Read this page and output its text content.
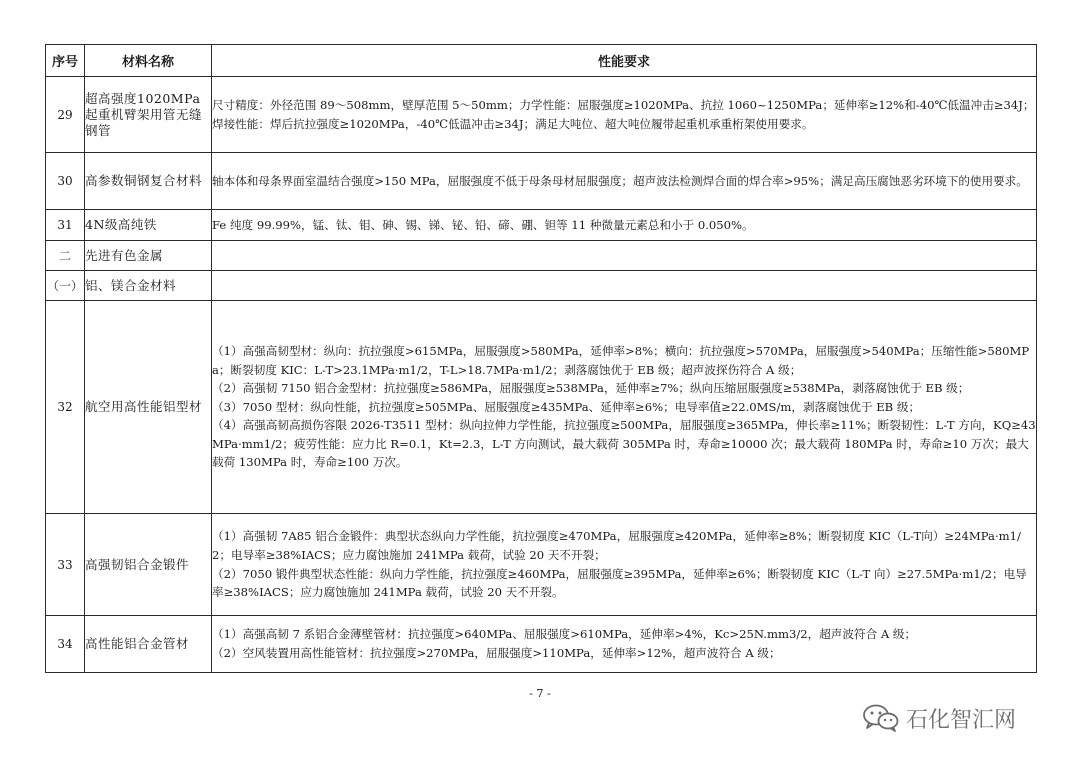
序号	材料名称	性能要求
29	超高强度1020MPa起重机臂架用管无缝钢管	尺寸精度：外径范围 89～508mm，壁厚范围 5～50mm；力学性能：屈服强度≥1020MPa、抗拉 1060~1250MPa；延伸率≥12%和-40℃低温冲击≥34J；焊接性能：焊后抗拉强度≥1020MPa，-40℃低温冲击≥34J；满足大吨位、超大吨位履带起重机承重桁架使用要求。

30	高参数铜钢复合材料	轴本体和母条界面室温结合强度>150 MPa，屈服强度不低于母条母材屈服强度；超声波法检测焊合面的焊合率>95%；满足高压腐蚀恶劣环境下的使用要求。

31	4N级高纯铁	Fe 纯度 99.99%，锰、钛、钼、砷、锡、锑、铋、铅、碲、硼、钽等 11 种微量元素总和小于 0.050%。

二	先进有色金属	
（一）	铝、镁合金材料	
32	航空用高性能铝型材	（1）高强高韧型材：纵向：抗拉强度>615MPa，屈服强度>580MPa，延伸率>8%；横向：抗拉强度>570MPa，屈服强度>540MPa；压缩性能>580MPa；断裂韧度 KIC：L-T>23.1MPa·m1/2，T-L>18.7MPa·m1/2；剥落腐蚀优于 EB 级；超声波探伤符合 A 级；

（2）高强韧 7150 铝合金型材：抗拉强度≥586MPa，屈服强度≥538MPa，延伸率≥7%；纵向压缩屈服强度≥538MPa，剥落腐蚀优于 EB 级；

（3）7050 型材：纵向性能，抗拉强度≥505MPa、屈服强度≥435MPa、延伸率≥6%；电导率值≥22.0MS/m，剥落腐蚀优于 EB 级；

（4）高强高韧高损伤容限 2026-T3511 型材：纵向拉伸力学性能，抗拉强度≥500MPa，屈服强度≥365MPa，伸长率≥11%；断裂韧性：L-T 方向，KQ≥43MPa·mm1/2；疲劳性能：应力比 R=0.1，Kt=2.3，L-T 方向测试，最大载荷 305MPa 时，寿命≥10000 次；最大载荷 180MPa 时，寿命≥10 万次；最大载荷 130MPa 时，寿命≥100 万次。

33	高强韧铝合金锻件	（1）高强韧 7A85 铝合金锻件：典型状态纵向力学性能，抗拉强度≥470MPa，屈服强度≥420MPa，延伸率≥8%；断裂韧度 KIC（L-T向）≥24MPa·m1/2；电导率≥38%IACS；应力腐蚀施加 241MPa 载荷，试验 20 天不开裂；

（2）7050 锻件典型状态性能：纵向力学性能，抗拉强度≥460MPa，屈服强度≥395MPa，延伸率≥6%；断裂韧度 KIC（L-T 向）≥27.5MPa·m1/2；电导率≥38%IACS；应力腐蚀施加 241MPa 载荷，试验 20 天不开裂。

34	高性能铝合金管材	（1）高强高韧 7 系铝合金薄壁管材：抗拉强度>640MPa、屈服强度>610MPa，延伸率>4%，Kc>25N.mm3/2，超声波符合 A 级；

（2）空风装置用高性能管材：抗拉强度>270MPa，屈服强度>110MPa，延伸率>12%，超声波符合 A 级；

- 7 -
石化智汇网
